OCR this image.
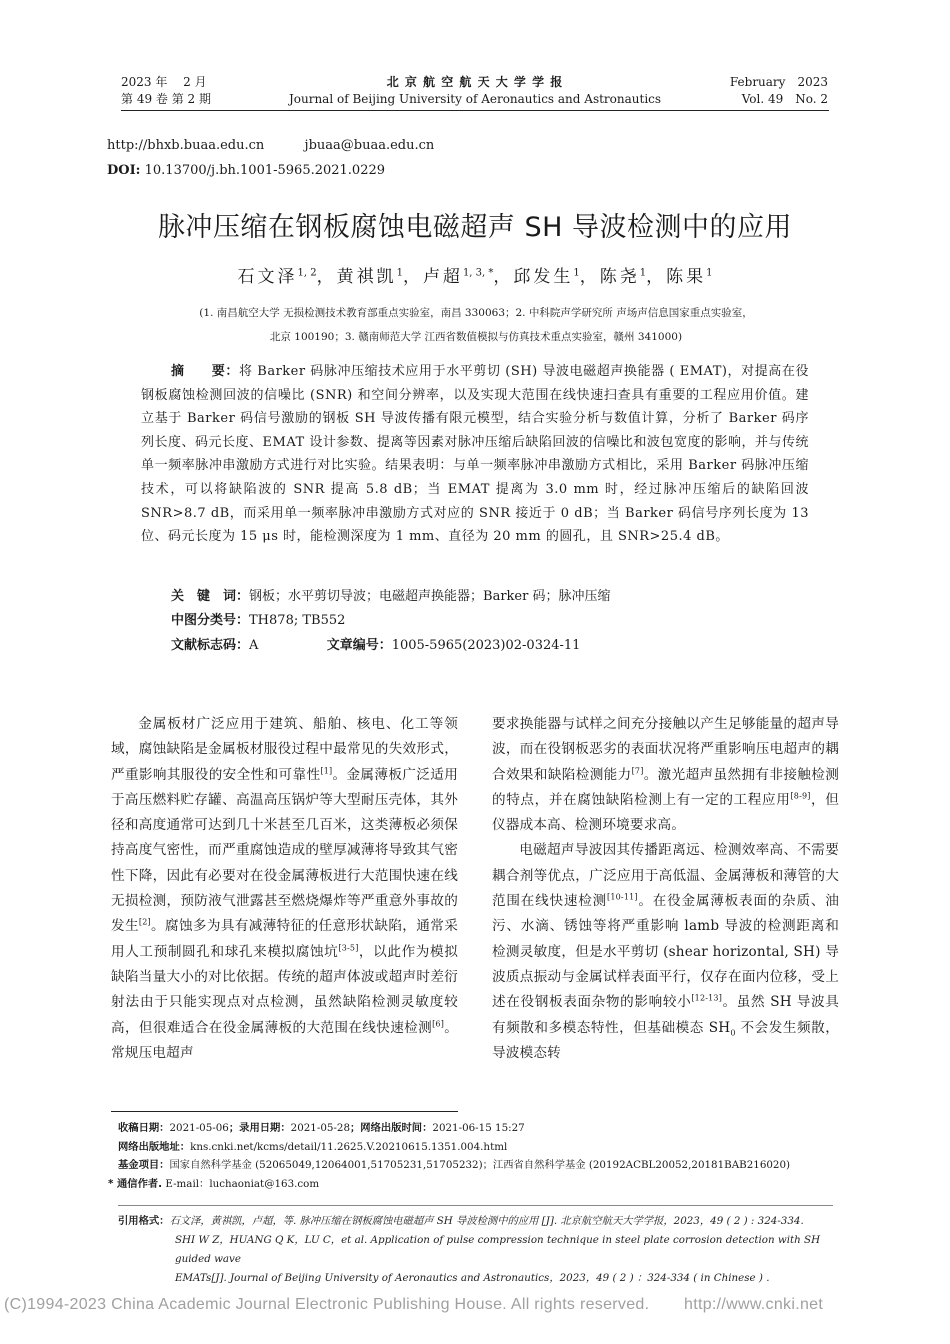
2023 年　 2 月
第 49 卷 第 2 期
北 京 航 空 航 天 大 学 学 报
Journal of Beijing University of Aeronautics and Astronautics
February　2023
Vol. 49　No. 2
http://bhxb.buaa.edu.cn	jbuaa@buaa.edu.cn
DOI: 10.13700/j.bh.1001-5965.2021.0229
脉冲压缩在钢板腐蚀电磁超声 SH 导波检测中的应用
石文泽$^{1, 2}$，黄祺凯$^1$，卢超$^{1, 3, *}$，邱发生$^1$，陈尧$^1$，陈果$^1$
(1. 南昌航空大学 无损检测技术教育部重点实验室，南昌 330063；2. 中科院声学研究所 声场声信息国家重点实验室，
北京 100190；3. 赣南师范大学 江西省数值模拟与仿真技术重点实验室，赣州 341000)
摘　　要：将 Barker 码脉冲压缩技术应用于水平剪切 (SH) 导波电磁超声换能器 ( EMAT)，对提高在役钢板腐蚀检测回波的信噪比 (SNR) 和空间分辨率，以及实现大范围在线快速扫查具有重要的工程应用价值。建立基于 Barker 码信号激励的钢板 SH 导波传播有限元模型，结合实验分析与数值计算，分析了 Barker 码序列长度、码元长度、EMAT 设计参数、提离等因素对脉冲压缩后缺陷回波的信噪比和波包宽度的影响，并与传统单一频率脉冲串激励方式进行对比实验。结果表明：与单一频率脉冲串激励方式相比，采用 Barker 码脉冲压缩技术，可以将缺陷波的 SNR 提高 5.8 dB；当 EMAT 提离为 3.0 mm 时，经过脉冲压缩后的缺陷回波 SNR>8.7 dB，而采用单一频率脉冲串激励方式对应的 SNR 接近于 0 dB；当 Barker 码信号序列长度为 13 位、码元长度为 15 μs 时，能检测深度为 1 mm、直径为 20 mm 的圆孔，且 SNR>25.4 dB。
关　键　词：钢板；水平剪切导波；电磁超声换能器；Barker 码；脉冲压缩
中图分类号：TH878; TB552
文献标志码：A	文章编号：1005-5965(2023)02-0324-11

金属板材广泛应用于建筑、船舶、核电、化工等领域，腐蚀缺陷是金属板材服役过程中最常见的失效形式，严重影响其服役的安全性和可靠性[1]。金属薄板广泛适用于高压燃料贮存罐、高温高压锅炉等大型耐压壳体，其外径和高度通常可达到几十米甚至几百米，这类薄板必须保持高度气密性，而严重腐蚀造成的壁厚减薄将导致其气密性下降，因此有必要对在役金属薄板进行大范围快速在线无损检测，预防液气泄露甚至燃烧爆炸等严重意外事故的发生[2]。腐蚀多为具有减薄特征的任意形状缺陷，通常采用人工预制圆孔和球孔来模拟腐蚀坑[3-5]，以此作为模拟缺陷当量大小的对比依据。传统的超声体波或超声时差衍射法由于只能实现点对点检测，虽然缺陷检测灵敏度较高，但很难适合在役金属薄板的大范围在线快速检测[6]。常规压电超声

要求换能器与试样之间充分接触以产生足够能量的超声导波，而在役钢板恶劣的表面状况将严重影响压电超声的耦合效果和缺陷检测能力[7]。激光超声虽然拥有非接触检测的特点，并在腐蚀缺陷检测上有一定的工程应用[8-9]，但仪器成本高、检测环境要求高。

电磁超声导波因其传播距离远、检测效率高、不需要耦合剂等优点，广泛应用于高低温、金属薄板和薄管的大范围在线快速检测[10-11]。在役金属薄板表面的杂质、油污、水滴、锈蚀等将严重影响 lamb 导波的检测距离和检测灵敏度，但是水平剪切 (shear horizontal, SH) 导波质点振动与金属试样表面平行，仅存在面内位移，受上述在役钢板表面杂物的影响较小[12-13]。虽然 SH 导波具有频散和多模态特性，但基础模态 $SH_0$ 不会发生频散，导波模态转

收稿日期：2021-05-06；录用日期：2021-05-28；网络出版时间：2021-06-15 15:27
网络出版地址：kns.cnki.net/kcms/detail/11.2625.V.20210615.1351.004.html
基金项目：国家自然科学基金 (52065049,12064001,51705231,51705232)；江西省自然科学基金 (20192ACBL20052,20181BAB216020)
* 通信作者. E-mail：luchaoniat@163.com
引用格式：石文泽，黄祺凯，卢超，等. 脉冲压缩在钢板腐蚀电磁超声 SH 导波检测中的应用 [J]. 北京航空航天大学学报，2023，49 ( 2 ) : 324-334.
SHI W Z，HUANG Q K，LU C，et al. Application of pulse compression technique in steel plate corrosion detection with SH guided wave
EMATs[J]. Journal of Beijing University of Aeronautics and Astronautics，2023，49 ( 2 ) ：324-334 ( in Chinese ) .
(C)1994-2023 China Academic Journal Electronic Publishing House. All rights reserved. http://www.cnki.net
